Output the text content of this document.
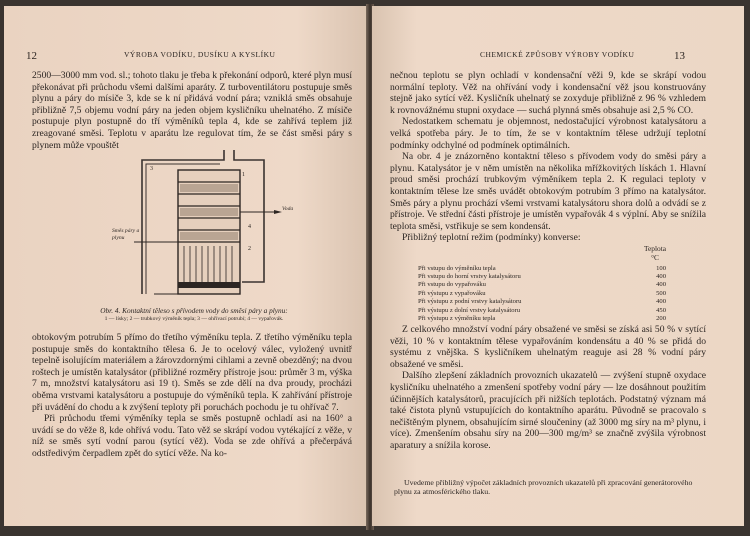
12	VÝROBA VODÍKU, DUSÍKU A KYSLÍKU

2500—3000 mm vod. sl.; tohoto tlaku je třeba k překonání odporů, které plyn musí překonávat při průchodu všemi dalšími aparáty. Z turboventilátoru postupuje směs plynu a páry do mísiče 3, kde se k ní přidává vodní pára; vzniklá směs obsahuje přibližně 7,5 objemu vodní páry na jeden objem kysličníku uhelnatého. Z mísiče postupuje plyn postupně do tří výměníků tepla 4, kde se zahřívá teplem již zreagované směsi. Teplotu v aparátu lze regulovat tím, že se část směsi páry s plynem může vpouštět

Směs páry a plynu
Voda
3
1
2
4
Obr. 4. Kontaktní těleso s přívodem vody do směsi páry a plynu:
1 — lísky; 2 — trubkový výměník tepla; 3 — ohřívací potrubí; 4 — vypařovák.

obtokovým potrubím 5 přímo do třetího výměníku tepla. Z třetího výměníku tepla postupuje směs do kontaktního tělesa 6. Je to ocelový válec, vyložený uvnitř tepelně isolujícím materiálem a žárovzdornými cihlami a zevně obezděný; na dvou roštech je umístěn katalysátor (přibližné rozměry přístroje jsou: průměr 3 m, výška 7 m, množství katalysátoru asi 19 t). Směs se zde dělí na dva proudy, procházi oběma vrstvami katalysátoru a postupuje do výměníků tepla. K zahřívání přístroje při uvádění do chodu a k zvýšení teploty při poruchách pochodu je tu ohřívač 7.

Při průchodu třemi výměníky tepla se směs postupně ochladí asi na 160° a uvádí se do věže 8, kde ohřívá vodu. Tato věž se skrápí vodou vytékající z věže, v níž se směs sytí vodní parou (sytící věž). Voda se zde ohřívá a přečerpává odstředivým čerpadlem zpět do sytící věže. Na ko-

CHEMICKÉ ZPŮSOBY VÝROBY VODÍKU	13

nečnou teplotu se plyn ochladí v kondensační věži 9, kde se skrápí vodou normální teploty. Věž na ohřívání vody i kondensační věž jsou konstruovány stejně jako sytící věž. Kysličník uhelnatý se zoxyduje přibližně z 96 % vzhledem k rovnovážnému stupni oxydace — suchá plynná směs obsahuje asi 2,5 % CO.

Nedostatkem schematu je objemnost, nedostačující výrobnost katalysátoru a velká spotřeba páry. Je to tím, že se v kontaktním tělese udržují teplotní podmínky odchylné od podmínek optimálních.

Na obr. 4 je znázorněno kontaktní těleso s přívodem vody do směsi páry a plynu. Katalysátor je v něm umístěn na několika mřížkovitých lískách 1. Hlavní proud směsi prochází trubkovým výměníkem tepla 2. K regulaci teploty v kontaktním tělese lze směs uvádět obtokovým potrubím 3 přímo na katalysátor. Směs páry a plynu prochází všemi vrstvami katalysátoru shora dolů a odvádí se z přístroje. Ve střední části přístroje je umístěn vypařovák 4 s výplní. Aby se snížila teplota směsi, vstřikuje se sem kondensát.

Přibližný teplotní režim (podmínky) konverse:

Teplota
°C
Při vstupu do výměníku tepla	100
Při vstupu do horní vrstvy katalysátoru	400
Při vstupu do vypařováku	400
Při výstupu z vypařováku	500
Při výstupu z podní vrstvy katalysátoru	400
Při výstupu z dolní vrstvy katalysátoru	450
Při výstupu z výměníku tepla	200

Z celkového množství vodní páry obsažené ve směsi se získá asi 50 % v sytící věži, 10 % v kontaktním tělese vypařováním kondensátu a 40 % se přidá do systému z vnějška. S kysličníkem uhelnatým reaguje asi 28 % vodní páry obsažené ve směsi.

Dalšího zlepšení základních provozních ukazatelů — zvýšení stupně oxydace kysličníku uhelnatého a zmenšení spotřeby vodní páry — lze dosáhnout použitím účinnějších katalysátorů, pracujících při nižších teplotách. Podstatný význam má také čistota plynů vstupujících do kontaktního aparátu. Původně se pracovalo s nečištěným plynem, obsahujícím sirné sloučeniny (až 3000 mg síry na m³ plynu, i více). Zmenšením obsahu síry na 200—300 mg/m³ se značně zvýšila výrobnost aparatury a snížila korose.

Uvedeme přibližný výpočet základních provozních ukazatelů při zpracování generátorového plynu za atmosférického tlaku.
